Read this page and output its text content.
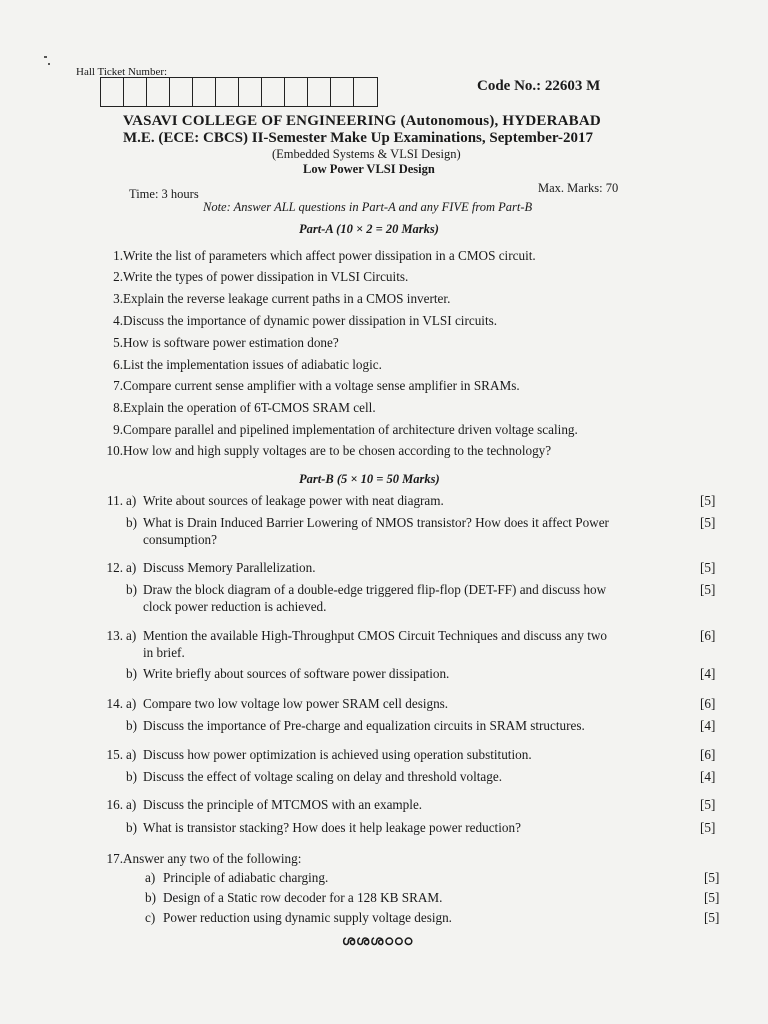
Hall Ticket Number:
Code No.: 22603 M
VASAVI COLLEGE OF ENGINEERING (Autonomous), HYDERABAD
M.E. (ECE: CBCS) II-Semester Make Up Examinations, September-2017
(Embedded Systems & VLSI Design)
Low Power VLSI Design
Time: 3 hours	Max. Marks: 70
Note: Answer ALL questions in Part-A and any FIVE from Part-B
Part-A (10 × 2 = 20 Marks)
1. Write the list of parameters which affect power dissipation in a CMOS circuit.
2. Write the types of power dissipation in VLSI Circuits.
3. Explain the reverse leakage current paths in a CMOS inverter.
4. Discuss the importance of dynamic power dissipation in VLSI circuits.
5. How is software power estimation done?
6. List the implementation issues of adiabatic logic.
7. Compare current sense amplifier with a voltage sense amplifier in SRAMs.
8. Explain the operation of 6T-CMOS SRAM cell.
9. Compare parallel and pipelined implementation of architecture driven voltage scaling.
10. How low and high supply voltages are to be chosen according to the technology?
Part-B (5 × 10 = 50 Marks)
11. a) Write about sources of leakage power with neat diagram.	[5]
b) What is Drain Induced Barrier Lowering of NMOS transistor? How does it affect Power
consumption?
[5]
12. a) Discuss Memory Parallelization.	[5]
b) Draw the block diagram of a double-edge triggered flip-flop (DET-FF) and discuss how
clock power reduction is achieved.
[5]
13. a) Mention the available High-Throughput CMOS Circuit Techniques and discuss any two
in brief.
[6]
b) Write briefly about sources of software power dissipation.	[4]
14. a) Compare two low voltage low power SRAM cell designs.	[6]
b) Discuss the importance of Pre-charge and equalization circuits in SRAM structures.	[4]
15. a) Discuss how power optimization is achieved using operation substitution.	[6]
b) Discuss the effect of voltage scaling on delay and threshold voltage.	[4]
16. a) Discuss the principle of MTCMOS with an example.	[5]
b) What is transistor stacking? How does it help leakage power reduction?	[5]
17. Answer any two of the following:
a) Principle of adiabatic charging.	[5]
b) Design of a Static row decoder for a 128 KB SRAM.	[5]
c) Power reduction using dynamic supply voltage design.	[5]
ശശശഠഠഠ
